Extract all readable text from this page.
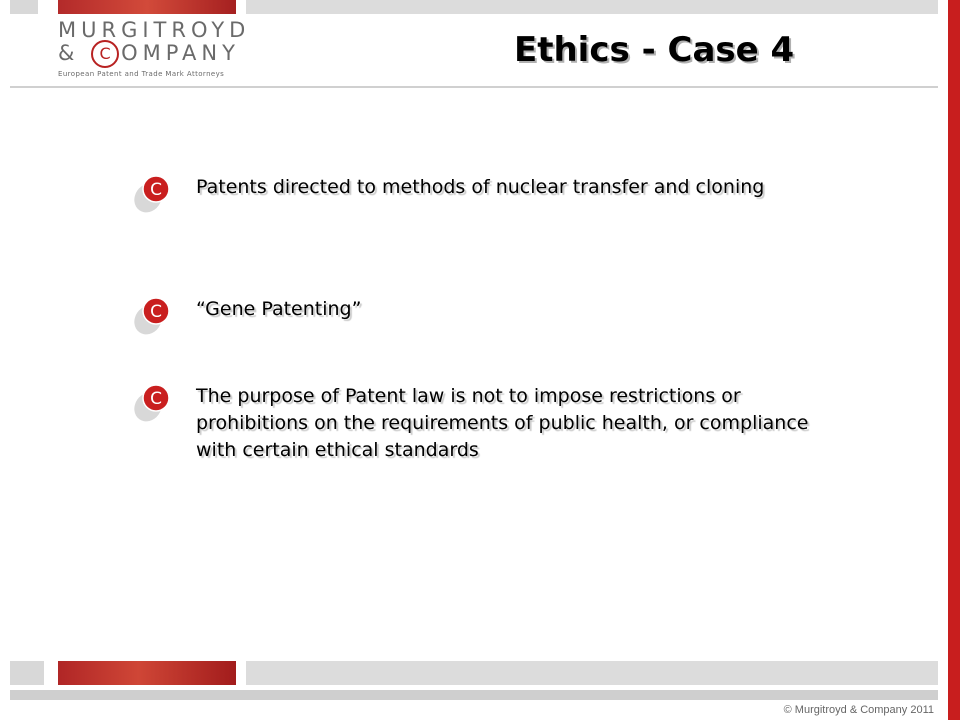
MURGITROYD
& C OMPANY
European Patent and Trade Mark Attorneys
Ethics - Case 4
C Patents directed to methods of nuclear transfer and cloning
C “Gene Patenting”
C The purpose of Patent law is not to impose restrictions or prohibitions on the requirements of public health, or compliance with certain ethical standards
© Murgitroyd & Company 2011
